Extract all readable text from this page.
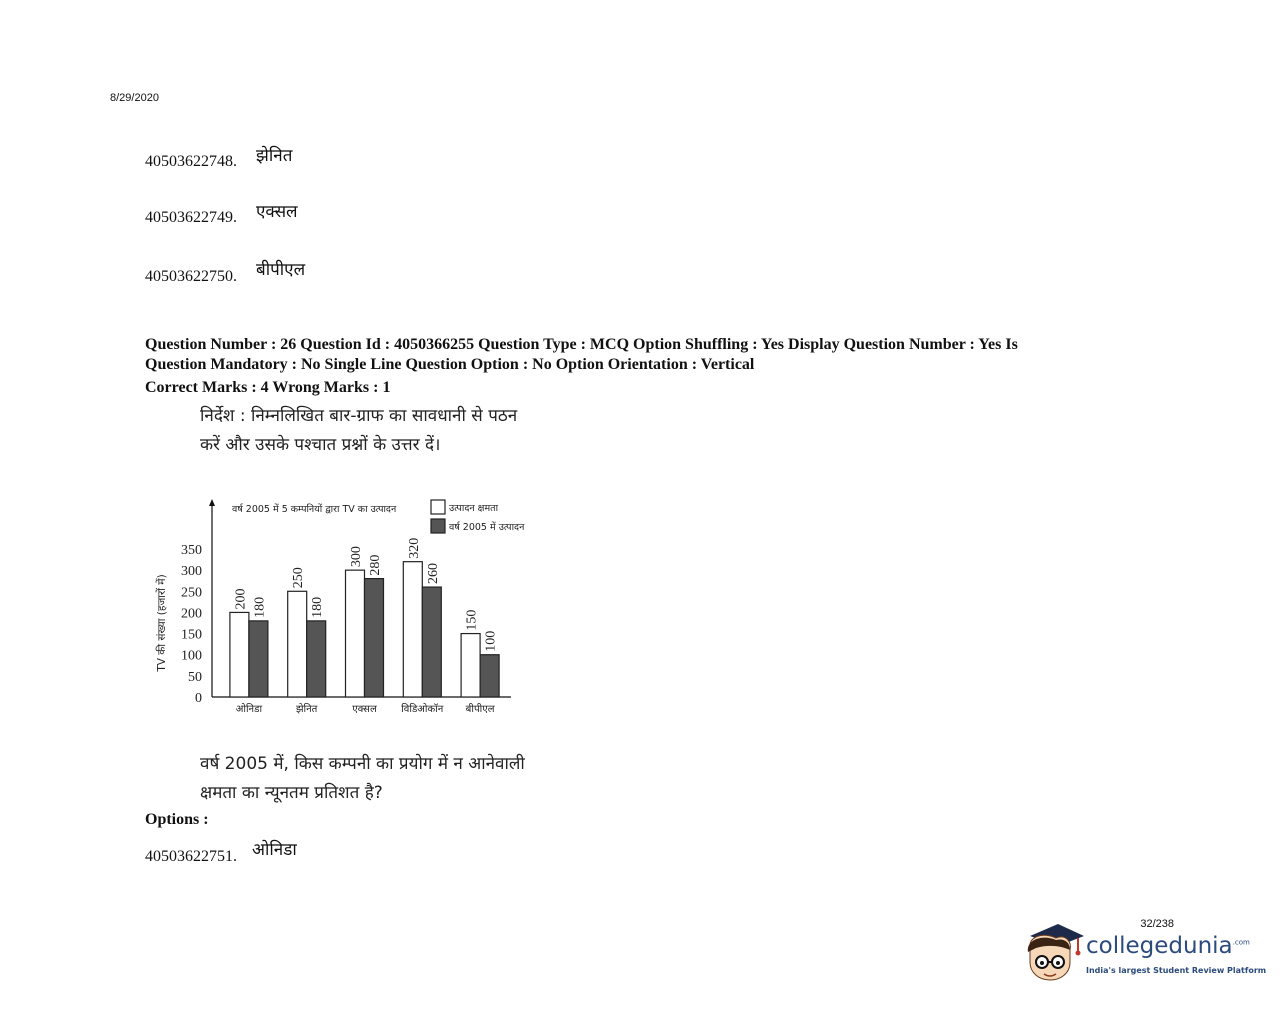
8/29/2020
40503622748. झेनित
40503622749. एक्सल
40503622750. बीपीएल
Question Number : 26 Question Id : 4050366255 Question Type : MCQ Option Shuffling : Yes Display Question Number : Yes Is
Question Mandatory : No Single Line Question Option : No Option Orientation : Vertical
Correct Marks : 4 Wrong Marks : 1
निर्देश : निम्नलिखित बार-ग्राफ का सावधानी से पठन
करें और उसके पश्चात प्रश्नों के उत्तर दें।
350
300
250
200
150
100
50
0
TV की संख्या (हजारों में)	200 180
ओनिडा
250
180
झेनित
300 280
एक्सल
320
260
विडिओकॉन
150
100
बीपीएल
वर्ष 2005 में 5 कम्पनियों द्वारा TV का उत्पादन	उत्पादन क्षमता
वर्ष 2005 में उत्पादन
वर्ष 2005 में, किस कम्पनी का प्रयोग में न आनेवाली
क्षमता का न्यूनतम प्रतिशत है?
Options :
40503622751. ओनिडा
32/238
collegedunia$^{.com}$
India's largest Student Review Platform
